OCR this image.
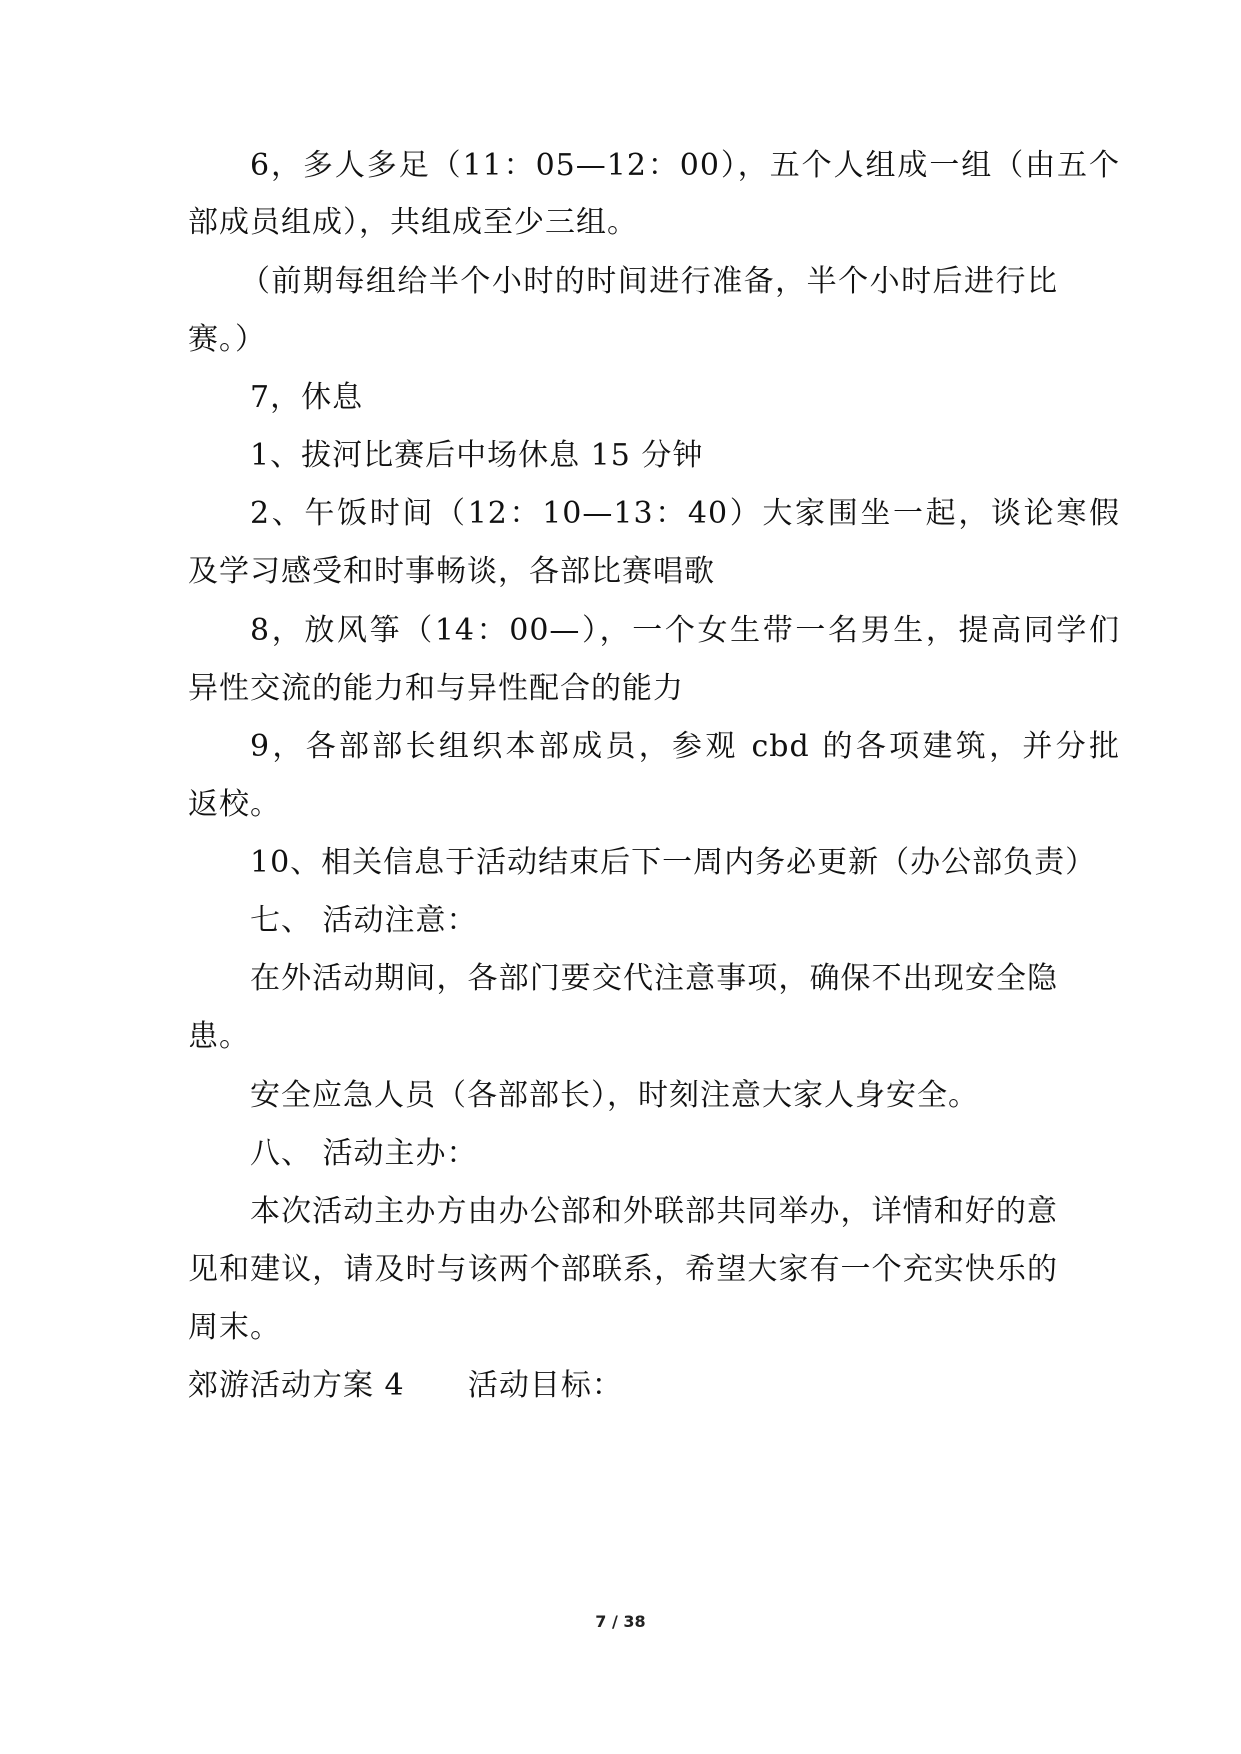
6，多人多足（11：05—12：00），五个人组成一组（由五个
部成员组成），共组成至少三组。
（前期每组给半个小时的时间进行准备，半个小时后进行比
赛。）
7，休息
1、拔河比赛后中场休息 15 分钟
2、午饭时间（12：10—13：40）大家围坐一起，谈论寒假
及学习感受和时事畅谈，各部比赛唱歌
8，放风筝（14：00—），一个女生带一名男生，提高同学们
异性交流的能力和与异性配合的能力
9，各部部长组织本部成员，参观 cbd 的各项建筑，并分批
返校。
10、相关信息于活动结束后下一周内务必更新（办公部负责）
七、 活动注意：
在外活动期间，各部门要交代注意事项，确保不出现安全隐
患。
安全应急人员（各部部长），时刻注意大家人身安全。
八、 活动主办：
本次活动主办方由办公部和外联部共同举办，详情和好的意
见和建议，请及时与该两个部联系，希望大家有一个充实快乐的
周末。
郊游活动方案 4      活动目标：
7 / 38
